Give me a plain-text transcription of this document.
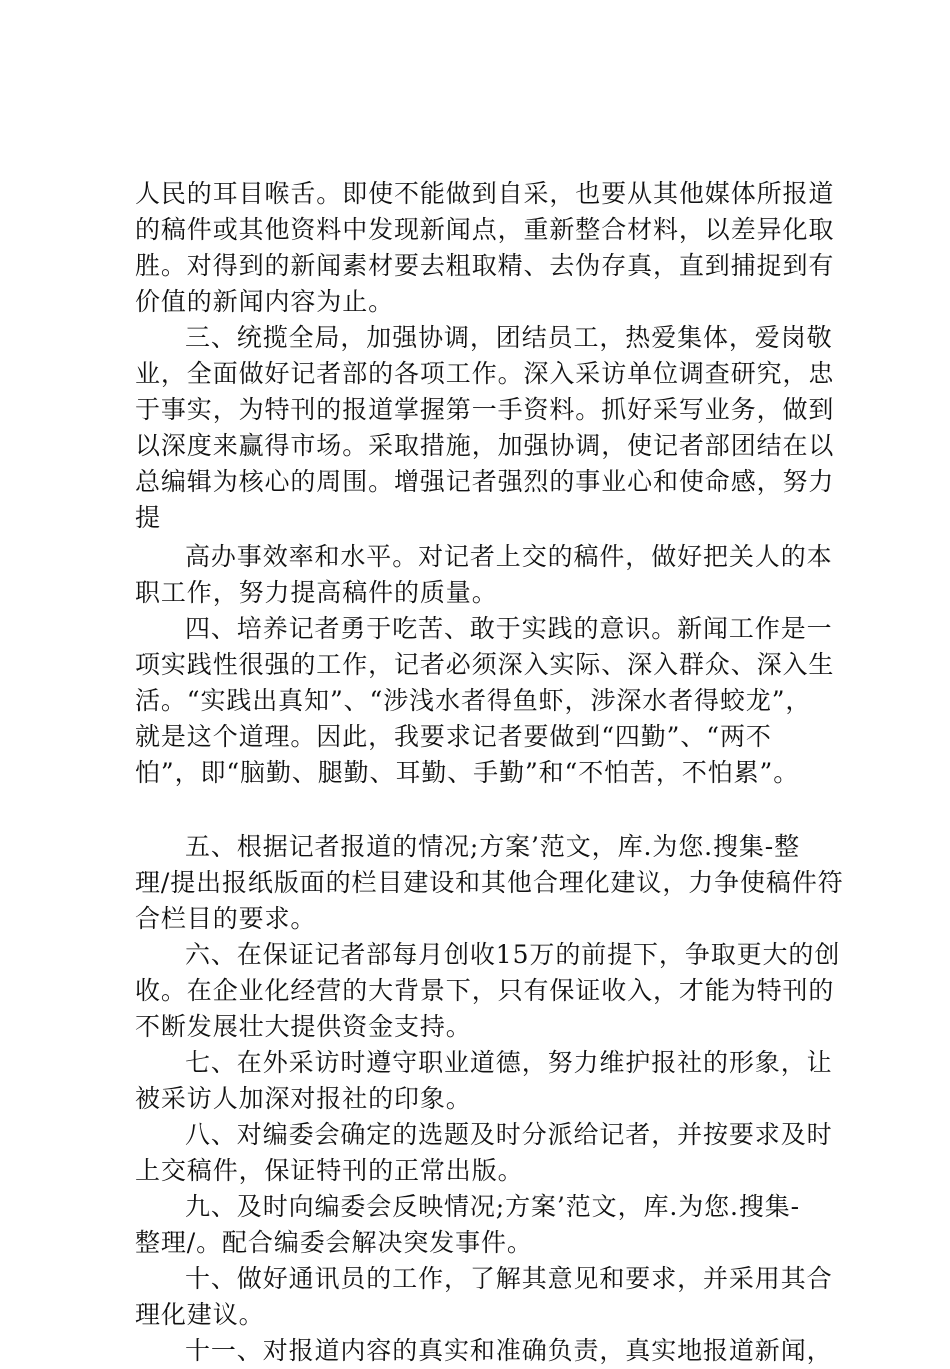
人民的耳目喉舌。即使不能做到自采，也要从其他媒体所报道
的稿件或其他资料中发现新闻点，重新整合材料，以差异化取
胜。对得到的新闻素材要去粗取精、去伪存真，直到捕捉到有
价值的新闻内容为止。
三、统揽全局，加强协调，团结员工，热爱集体，爱岗敬
业，全面做好记者部的各项工作。深入采访单位调查研究，忠
于事实，为特刊的报道掌握第一手资料。抓好采写业务，做到
以深度来赢得市场。采取措施，加强协调，使记者部团结在以
总编辑为核心的周围。增强记者强烈的事业心和使命感，努力
提
高办事效率和水平。对记者上交的稿件，做好把关人的本
职工作，努力提高稿件的质量。
四、培养记者勇于吃苦、敢于实践的意识。新闻工作是一
项实践性很强的工作，记者必须深入实际、深入群众、深入生
活。“实践出真知”、“涉浅水者得鱼虾，涉深水者得蛟龙”，
就是这个道理。因此，我要求记者要做到“四勤”、“两不
怕”，即“脑勤、腿勤、耳勤、手勤”和“不怕苦，不怕累”。
五、根据记者报道的情况;方案’范文，库.为您.搜集-整
理/提出报纸版面的栏目建设和其他合理化建议，力争使稿件符
合栏目的要求。
六、在保证记者部每月创收15万的前提下，争取更大的创
收。在企业化经营的大背景下，只有保证收入，才能为特刊的
不断发展壮大提供资金支持。
七、在外采访时遵守职业道德，努力维护报社的形象，让
被采访人加深对报社的印象。
八、对编委会确定的选题及时分派给记者，并按要求及时
上交稿件，保证特刊的正常出版。
九、及时向编委会反映情况;方案’范文，库.为您.搜集-
整理/。配合编委会解决突发事件。
十、做好通讯员的工作，了解其意见和要求，并采用其合
理化建议。
十一、对报道内容的真实和准确负责，真实地报道新闻，
